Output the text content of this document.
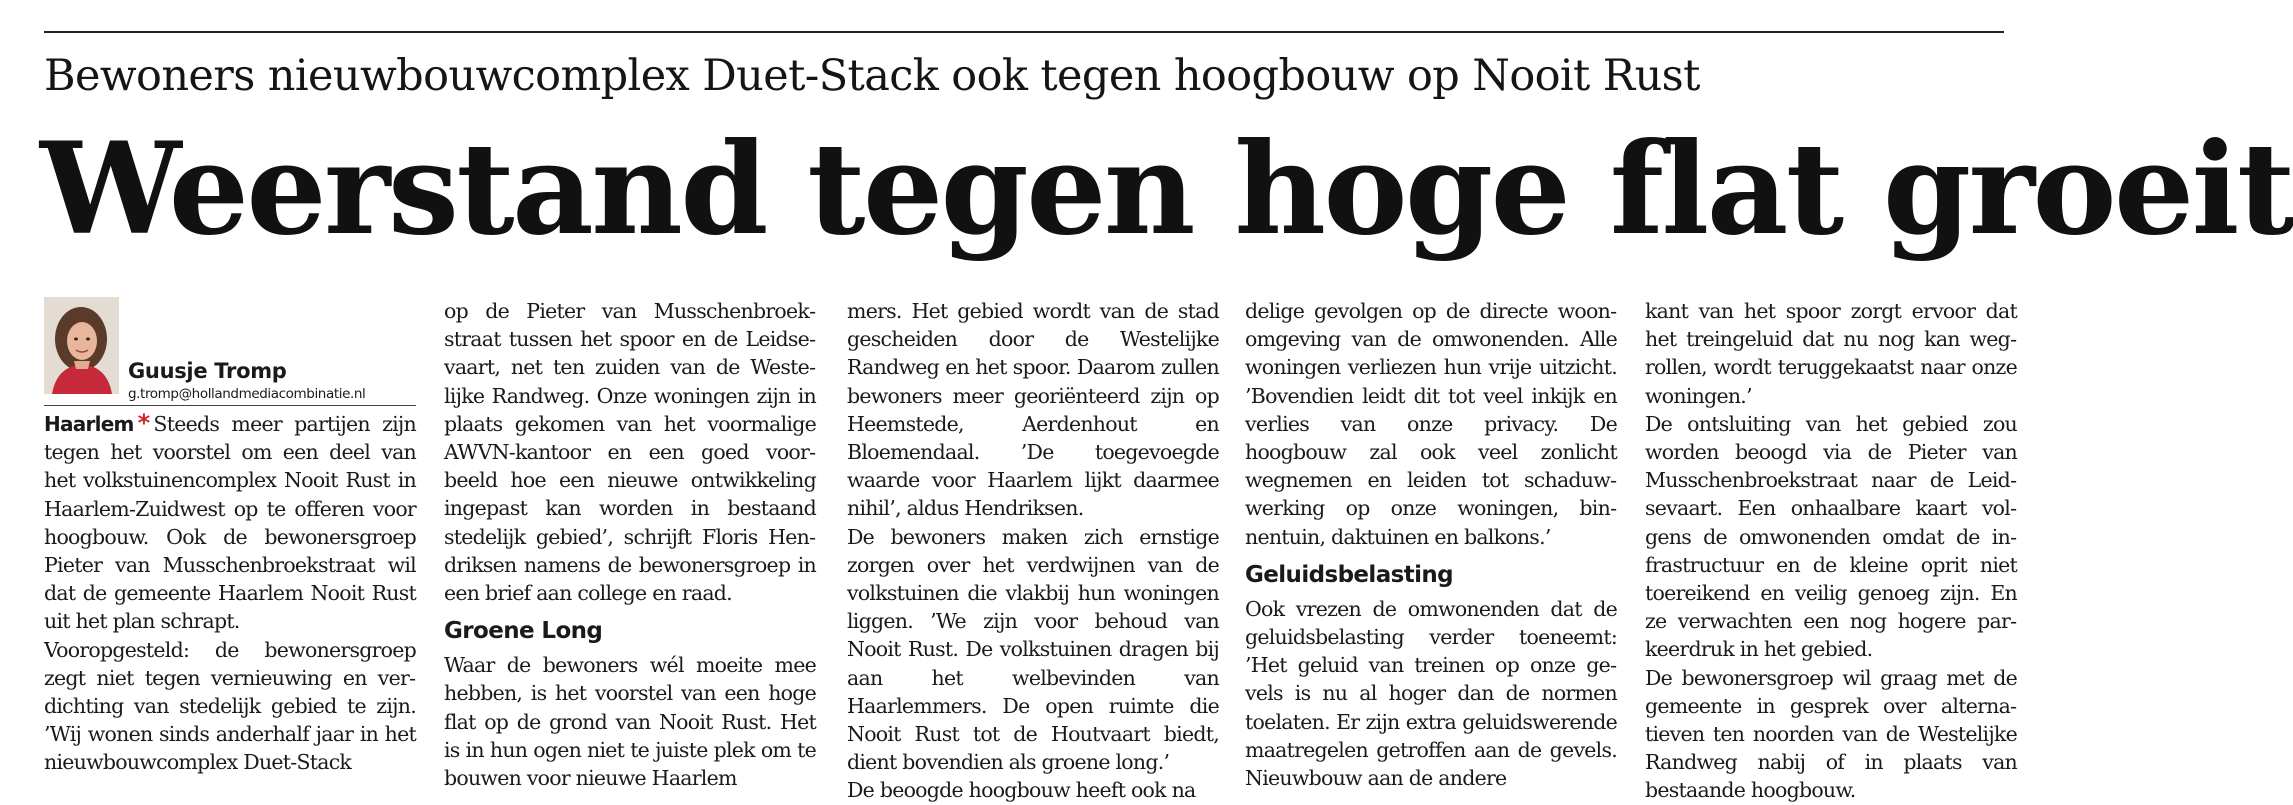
Bewoners nieuwbouwcomplex Duet-Stack ook tegen hoogbouw op Nooit Rust
Weerstand tegen hoge flat groeit
Guusje Tromp
g.tromp@hollandmediacombinatie.nl

Haarlem * Steeds meer partijen zijn tegen het voorstel om een deel van het volkstuinencomplex Nooit Rust in Haarlem-Zuidwest op te offeren voor hoogbouw. Ook de bewonersgroep Pieter van Musschenbroekstraat wil dat de gemeente Haarlem Nooit Rust uit het plan schrapt.

Vooropgesteld: de bewonersgroep zegt niet tegen vernieuwing en verdichting van stedelijk gebied te zijn. ’Wij wonen sinds anderhalf jaar in het nieuwbouwcomplex Duet-Stack

op de Pieter van Musschenbroekstraat tussen het spoor en de Leidsevaart, net ten zuiden van de Westelijke Randweg. Onze woningen zijn in plaats gekomen van het voormalige AWVN-kantoor en een goed voorbeeld hoe een nieuwe ontwikkeling ingepast kan worden in bestaand stedelijk gebied’, schrijft Floris Hendriksen namens de bewonersgroep in een brief aan college en raad.

Groene Long

Waar de bewoners wél moeite mee hebben, is het voorstel van een hoge flat op de grond van Nooit Rust. Het is in hun ogen niet te juiste plek om te bouwen voor nieuwe Haarlem

mers. Het gebied wordt van de stad gescheiden door de Westelijke Randweg en het spoor. Daarom zullen bewoners meer georiënteerd zijn op Heemstede, Aerdenhout en Bloemendaal. ’De toegevoegde waarde voor Haarlem lijkt daarmee nihil’, aldus Hendriksen.

De bewoners maken zich ernstige zorgen over het verdwijnen van de volkstuinen die vlakbij hun woningen liggen. ’We zijn voor behoud van Nooit Rust. De volkstuinen dragen bij aan het welbevinden van Haarlemmers. De open ruimte die Nooit Rust tot de Houtvaart biedt, dient bovendien als groene long.’

De beoogde hoogbouw heeft ook na

delige gevolgen op de directe woonomgeving van de omwonenden. Alle woningen verliezen hun vrije uitzicht. ’Bovendien leidt dit tot veel inkijk en verlies van onze privacy. De hoogbouw zal ook veel zonlicht wegnemen en leiden tot schaduwwerking op onze woningen, binnentuin, daktuinen en balkons.’

Geluidsbelasting

Ook vrezen de omwonenden dat de geluidsbelasting verder toeneemt: ’Het geluid van treinen op onze gevels is nu al hoger dan de normen toelaten. Er zijn extra geluidswerende maatregelen getroffen aan de gevels. Nieuwbouw aan de andere

kant van het spoor zorgt ervoor dat het treingeluid dat nu nog kan wegrollen, wordt teruggekaatst naar onze woningen.’

De ontsluiting van het gebied zou worden beoogd via de Pieter van Musschenbroekstraat naar de Leidsevaart. Een onhaalbare kaart volgens de omwonenden omdat de infrastructuur en de kleine oprit niet toereikend en veilig genoeg zijn. En ze verwachten een nog hogere parkeerdruk in het gebied.

De bewonersgroep wil graag met de gemeente in gesprek over alternatieven ten noorden van de Westelijke Randweg nabij of in plaats van bestaande hoogbouw.
